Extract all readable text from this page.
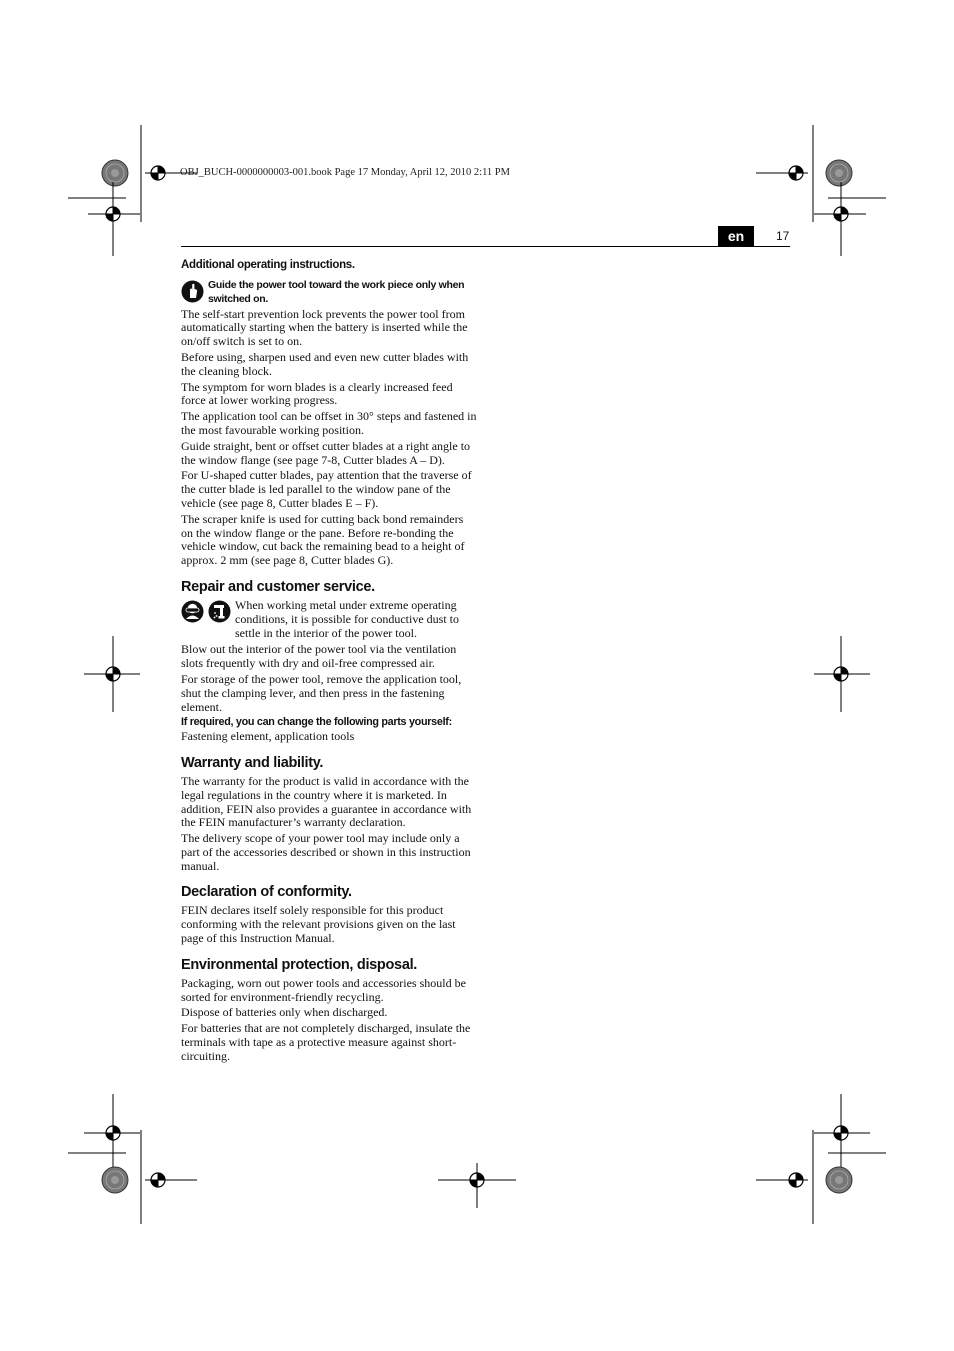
OBJ_BUCH-0000000003-001.book Page 17 Monday, April 12, 2010 2:11 PM
en	17
Additional operating instructions.
Guide the power tool toward the work piece only when switched on.

The self-start prevention lock prevents the power tool from automatically starting when the battery is inserted while the on/off switch is set to on.

Before using, sharpen used and even new cutter blades with the cleaning block.

The symptom for worn blades is a clearly increased feed force at lower working progress.

The application tool can be offset in 30° steps and fastened in the most favourable working position.

Guide straight, bent or offset cutter blades at a right angle to the window flange (see page 7-8, Cutter blades A – D).

For U-shaped cutter blades, pay attention that the traverse of the cutter blade is led parallel to the window pane of the vehicle (see page 8, Cutter blades E – F).

The scraper knife is used for cutting back bond remainders on the window flange or the pane. Before re-bonding the vehicle window, cut back the remaining bead to a height of approx. 2 mm (see page 8, Cutter blades G).

Repair and customer service.

When working metal under extreme operating conditions, it is possible for conductive dust to settle in the interior of the power tool.

Blow out the interior of the power tool via the ventilation slots frequently with dry and oil-free compressed air.

For storage of the power tool, remove the application tool, shut the clamping lever, and then press in the fastening element.

If required, you can change the following parts yourself:

Fastening element, application tools

Warranty and liability.

The warranty for the product is valid in accordance with the legal regulations in the country where it is marketed. In addition, FEIN also provides a guarantee in accordance with the FEIN manufacturer’s warranty declaration.

The delivery scope of your power tool may include only a part of the accessories described or shown in this instruction manual.

Declaration of conformity.

FEIN declares itself solely responsible for this product conforming with the relevant provisions given on the last page of this Instruction Manual.

Environmental protection, disposal.

Packaging, worn out power tools and accessories should be sorted for environment-friendly recycling.

Dispose of batteries only when discharged.

For batteries that are not completely discharged, insulate the terminals with tape as a protective measure against short-circuiting.
